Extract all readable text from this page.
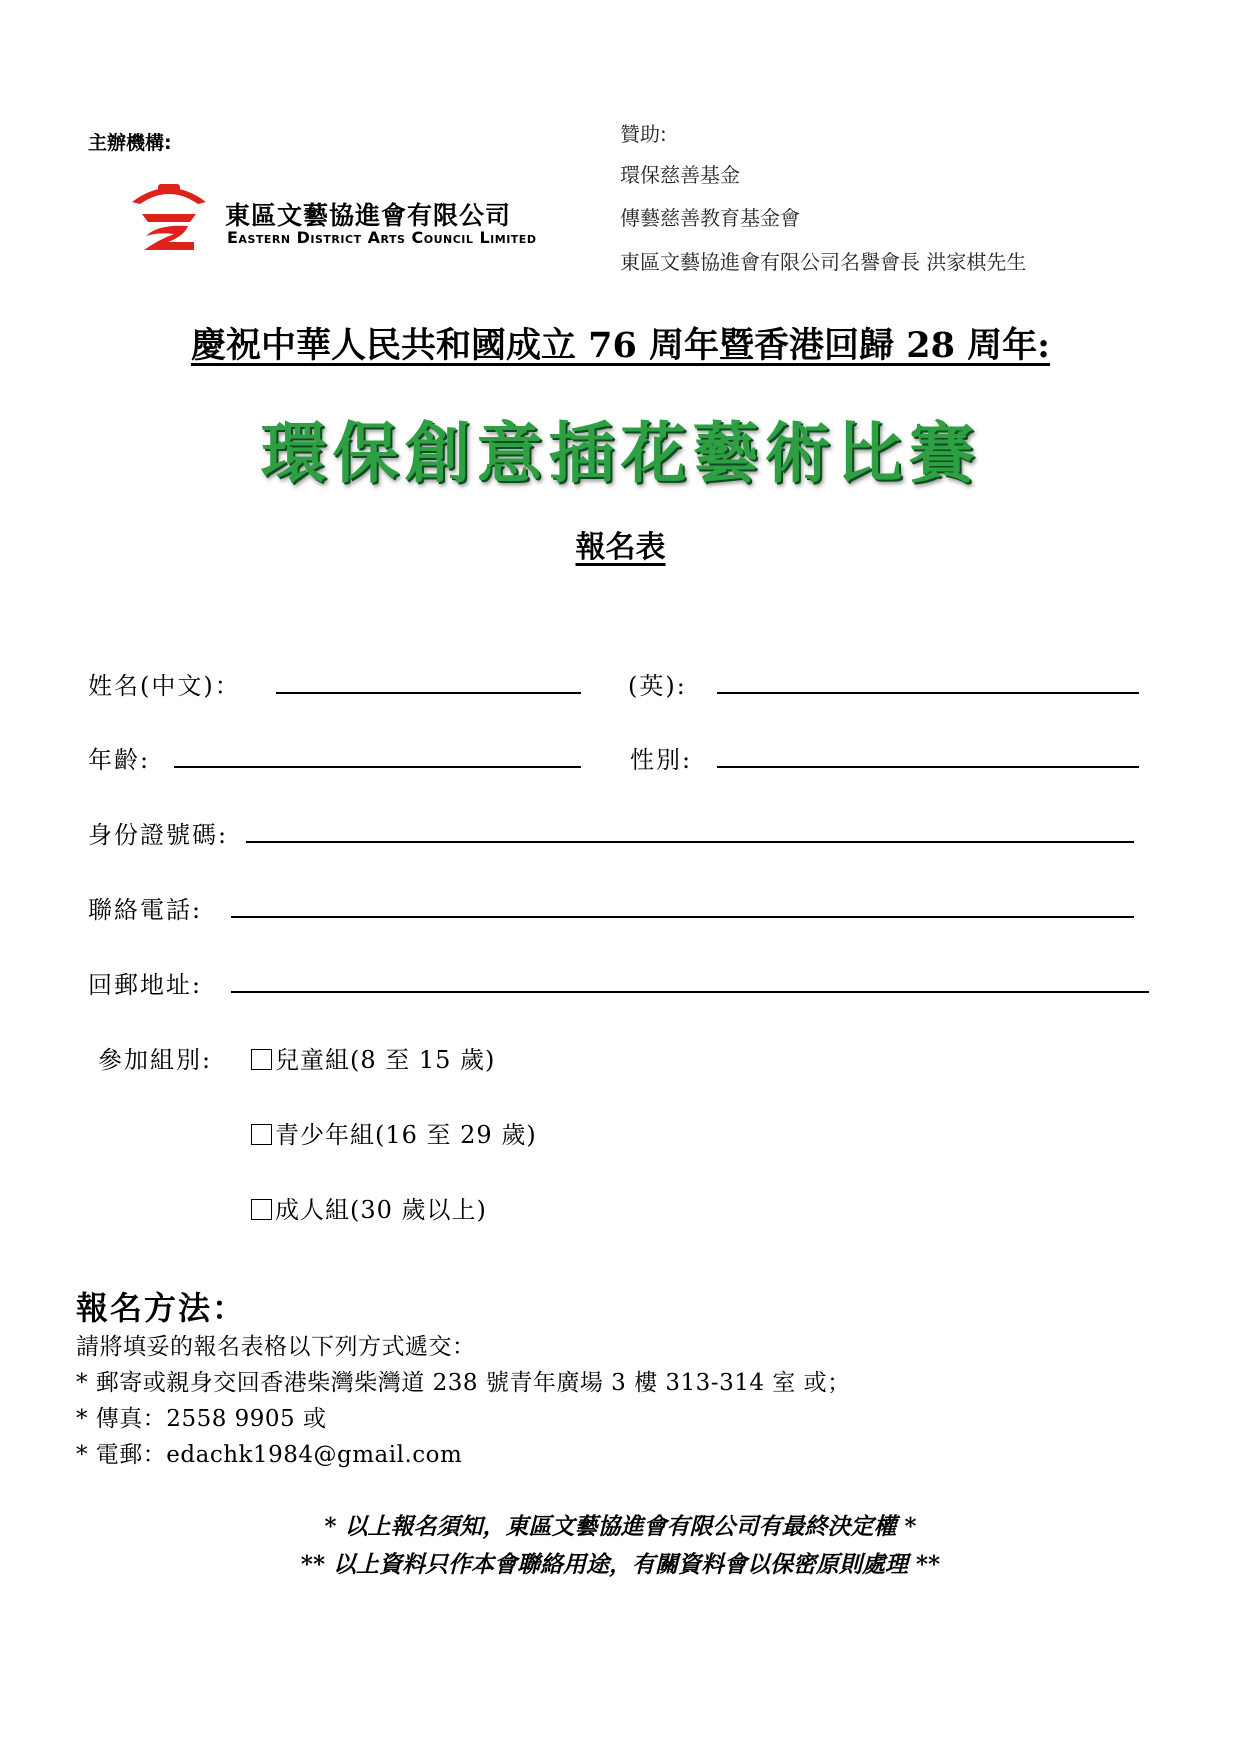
主辦機構:
東區文藝協進會有限公司
Eastern District Arts Council Limited
贊助:
環保慈善基金
傳藝慈善教育基金會
東區文藝協進會有限公司名譽會長 洪家棋先生
慶祝中華人民共和國成立 76 周年暨香港回歸 28 周年:
環保創意插花藝術比賽
報名表
姓名(中文)：	(英):
年齡:	性別:
身份證號碼:
聯絡電話:
回郵地址:
參加組別:	兒童組(8 至 15 歲)
青少年組(16 至 29 歲)
成人組(30 歲以上)
報名方法：
請將填妥的報名表格以下列方式遞交：
* 郵寄或親身交回香港柴灣柴灣道 238 號青年廣場 3 樓 313-314 室 或；
* 傳真：2558 9905 或
* 電郵：edachk1984@gmail.com
* 以上報名須知，東區文藝協進會有限公司有最終決定權 *
** 以上資料只作本會聯絡用途，有關資料會以保密原則處理 **
